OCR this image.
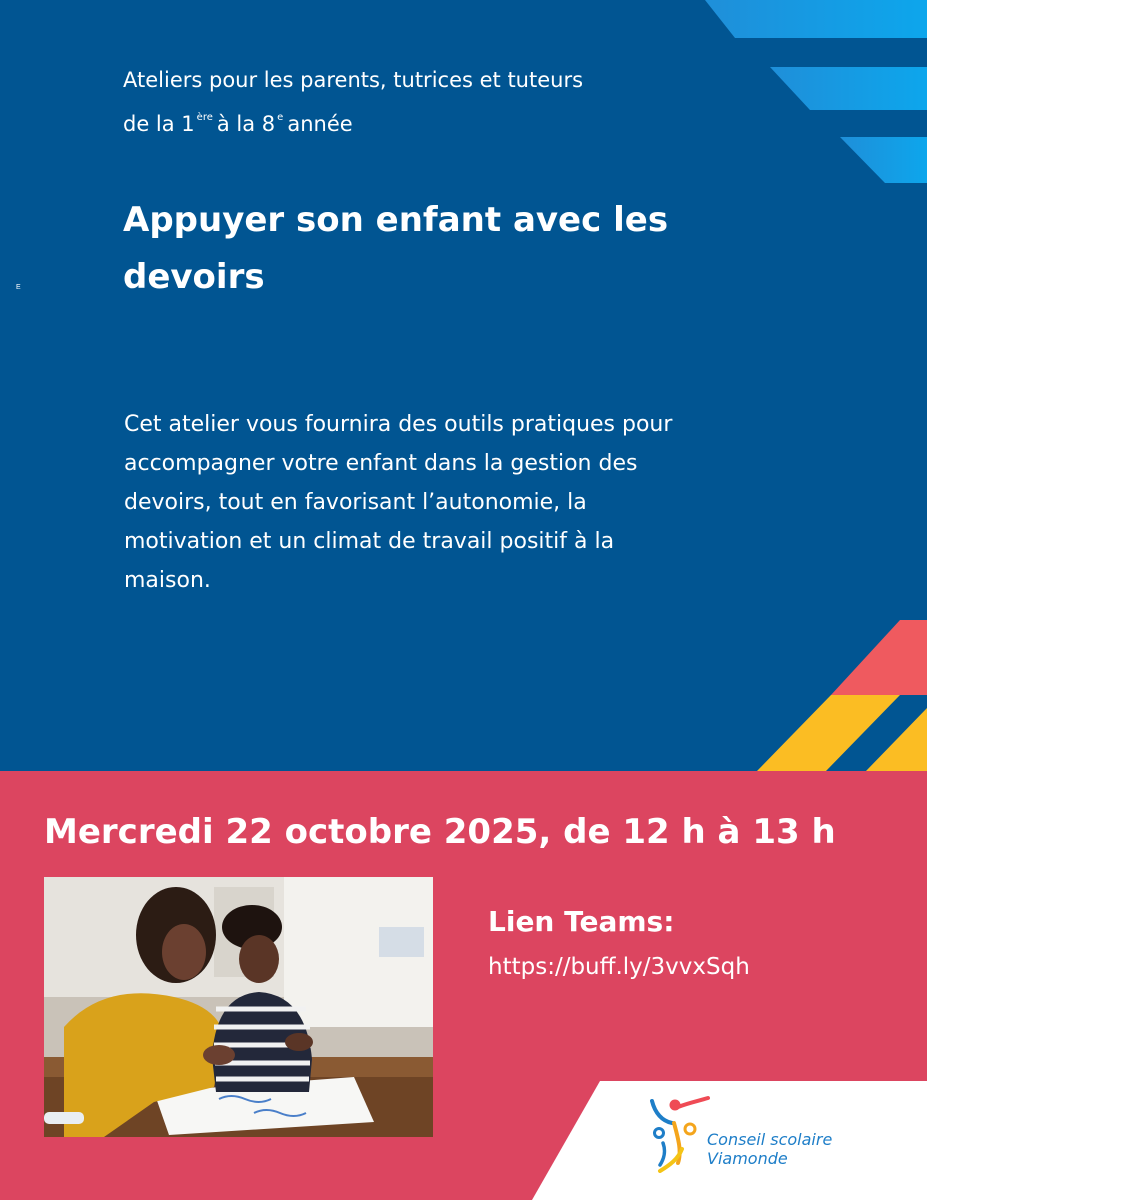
Ateliers pour les parents, tutrices et tuteurs
de la 1 $^{ère}$ à la 8 $^e$ année
Appuyer son enfant avec les devoirs
E
Cet atelier vous fournira des outils pratiques pour accompagner votre enfant dans la gestion des devoirs, tout en favorisant l’autonomie, la motivation et un climat de travail positif à la maison.
Mercredi 22 octobre 2025, de 12 h à 13 h
Lien Teams:
https://buff.ly/3vvxSqh
Conseil scolaire
Viamonde
